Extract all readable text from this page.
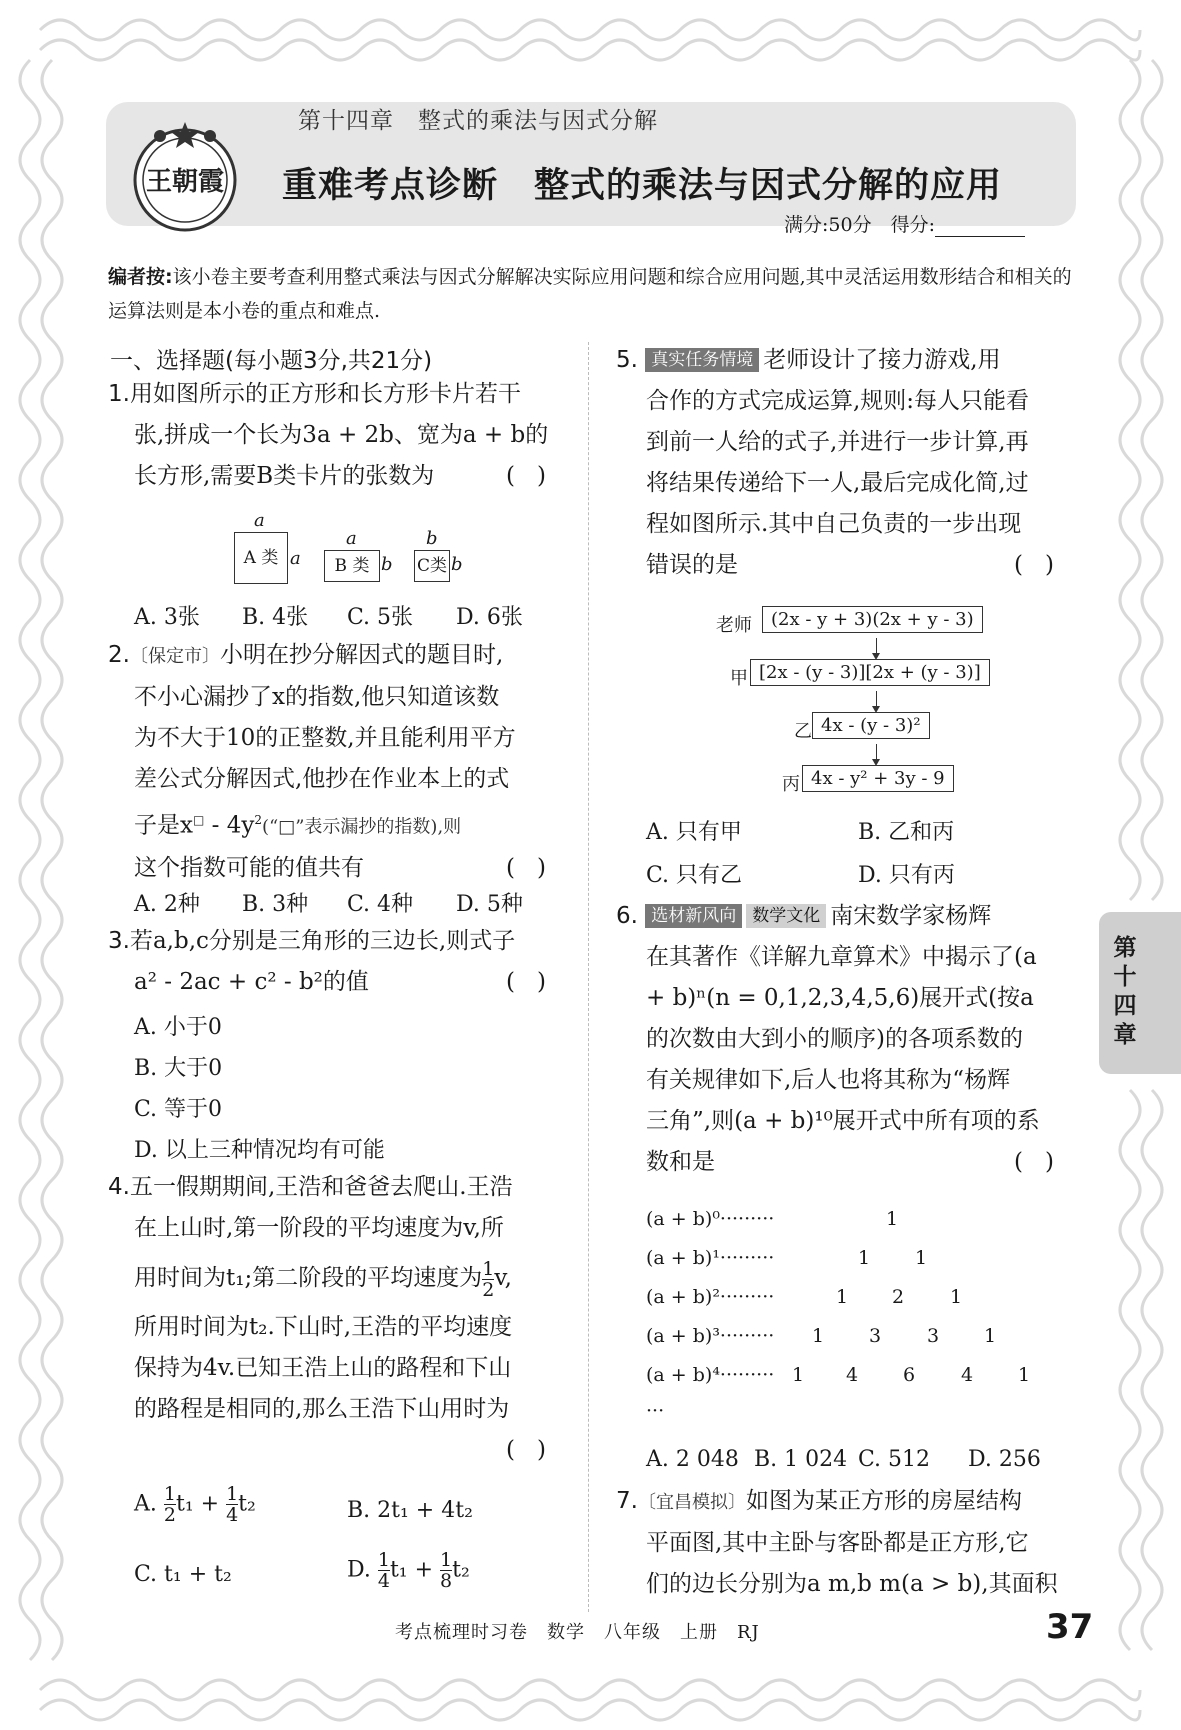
王朝霞
第十四章　整式的乘法与因式分解
重难考点诊断　整式的乘法与因式分解的应用
满分:50分　得分:
编者按:该小卷主要考查利用整式乘法与因式分解解决实际应用问题和综合应用问题,其中灵活运用数形结合和相关的运算法则是本小卷的重点和难点.
一、选择题(每小题3分,共21分)
1.用如图所示的正方形和长方形卡片若干
张,拼成一个长为3a + 2b、宽为a + b的
长方形,需要B类卡片的张数为	()
a
A 类 a
a
B 类 b
b
C类 b
A. 3张 B. 4张 C. 5张 D. 6张
2.〔保定市〕小明在抄分解因式的题目时,
不小心漏抄了x的指数,他只知道该数
为不大于10的正整数,并且能利用平方
差公式分解因式,他抄在作业本上的式
子是$x^□ - 4y^2(“□$”表示漏抄的指数),则
这个指数可能的值共有	()
A. 2种 B. 3种 C. 4种 D. 5种
3.若a,b,c分别是三角形的三边长,则式子
a² - 2ac + c² - b²的值	()
A. 小于0
B. 大于0
C. 等于0
D. 以上三种情况均有可能
4.五一假期期间,王浩和爸爸去爬山.王浩
在上山时,第一阶段的平均速度为v,所
用时间为t₁;第二阶段的平均速度为 $\frac{1}{2} v$,
所用时间为t₂.下山时,王浩的平均速度
保持为4v.已知王浩上山的路程和下山
的路程是相同的,那么王浩下山用时为
()

A. $\frac{1}{2} t_1 + \frac{1}{4} t_2$	B. 2t₁ + 4t₂
C. t₁ + t₂	D. $\frac{1}{4} t_1 + \frac{1}{8} t_2$
5. 真实任务情境 老师设计了接力游戏,用
合作的方式完成运算,规则:每人只能看
到前一人给的式子,并进行一步计算,再
将结果传递给下一人,最后完成化简,过
程如图所示.其中自己负责的一步出现
错误的是	()
老师	(2x - y + 3)(2x + y - 3)
甲 [2x - (y - 3)][2x + (y - 3)]
乙 4x - (y - 3)²
丙 4x - y² + 3y - 9
A. 只有甲	B. 乙和丙
C. 只有乙	D. 只有丙
6. 选材新风向 数学文化 南宋数学家杨辉
在其著作《详解九章算术》中揭示了(a
+ b)ⁿ(n = 0,1,2,3,4,5,6)展开式(按a
的次数由大到小的顺序)的各项系数的
有关规律如下,后人也将其称为“杨辉
三角”,则(a + b)¹⁰展开式中所有项的系
数和是	()
(a + b)⁰·········	1
(a + b)¹·········	1 1
(a + b)²·········	1 2 1
(a + b)³········· 1 3 3 1
(a + b)⁴········· 1 4 6 4 1
···
A. 2 048 B. 1 024 C. 512 D. 256
7.〔宜昌模拟〕如图为某正方形的房屋结构
平面图,其中主卧与客卧都是正方形,它
们的边长分别为a m,b m(a > b),其面积
第十四章
考点梳理时习卷　数学　八年级　上册　RJ	37
